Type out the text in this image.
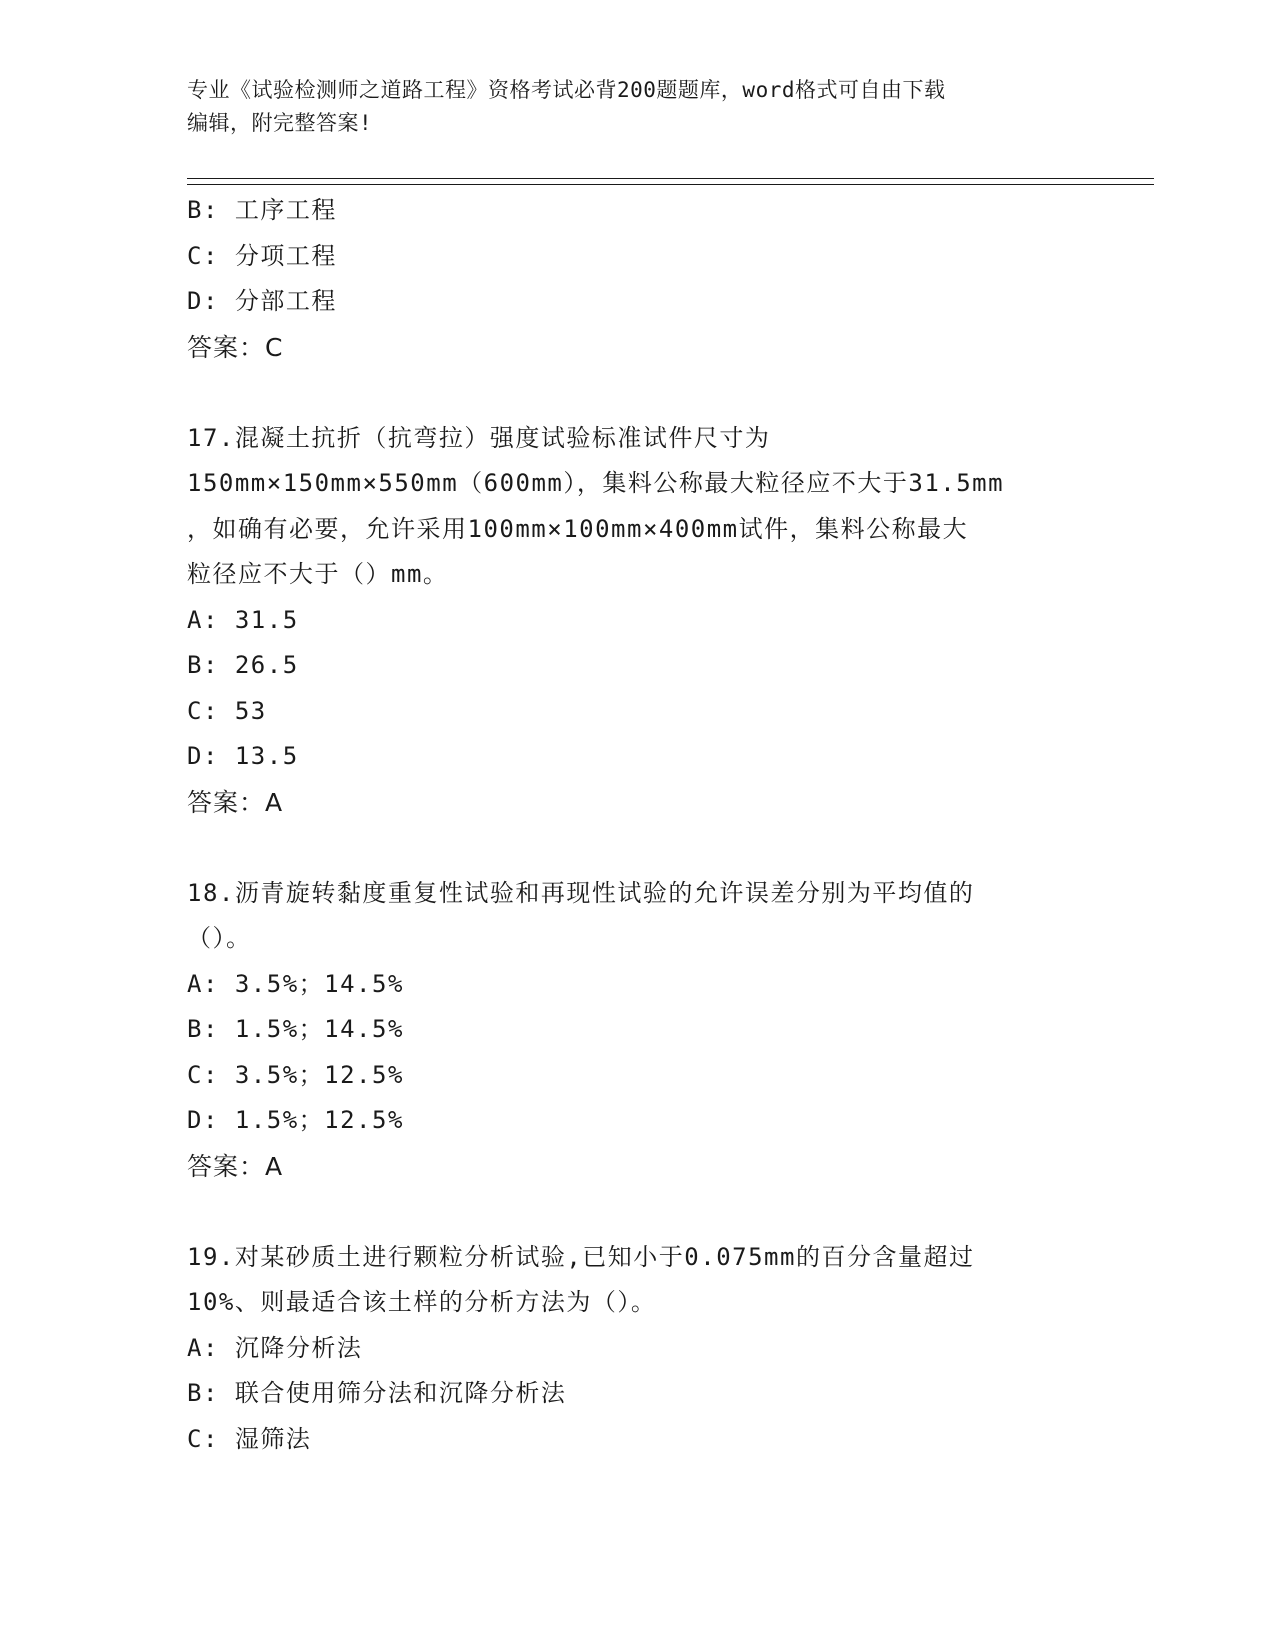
专业《试验检测师之道路工程》资格考试必背200题题库，word格式可自由下载
编辑，附完整答案!
B: 工序工程
C: 分项工程
D: 分部工程
答案：C
17.混凝土抗折（抗弯拉）强度试验标准试件尺寸为
150mm×150mm×550mm（600mm），集料公称最大粒径应不大于31.5mm
，如确有必要，允许采用100mm×100mm×400mm试件，集料公称最大
粒径应不大于（）mm。
A: 31.5
B: 26.5
C: 53
D: 13.5
答案：A
18.沥青旋转黏度重复性试验和再现性试验的允许误差分别为平均值的
（）。
A: 3.5%；14.5%
B: 1.5%；14.5%
C: 3.5%；12.5%
D: 1.5%；12.5%
答案：A
19.对某砂质土进行颗粒分析试验,已知小于0.075mm的百分含量超过
10%、则最适合该土样的分析方法为（）。
A: 沉降分析法
B: 联合使用筛分法和沉降分析法
C: 湿筛法
